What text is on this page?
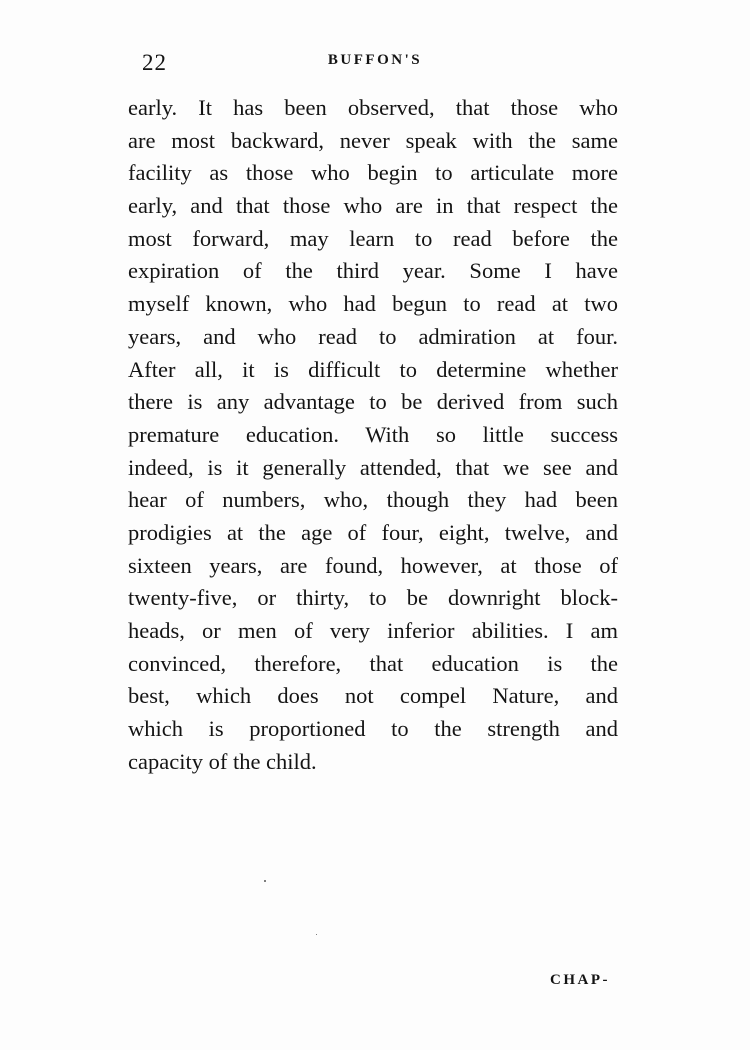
22	BUFFON'S
early. It has been observed, that those who
are most backward, never speak with the same
facility as those who begin to articulate more
early, and that those who are in that respect the
most forward, may learn to read before the
expiration of the third year. Some I have
myself known, who had begun to read at two
years, and who read to admiration at four.
After all, it is difficult to determine whether
there is any advantage to be derived from such
premature education. With so little success
indeed, is it generally attended, that we see and
hear of numbers, who, though they had been
prodigies at the age of four, eight, twelve, and
sixteen years, are found, however, at those of
twenty-five, or thirty, to be downright block-
heads, or men of very inferior abilities. I am
convinced, therefore, that education is the
best, which does not compel Nature, and
which is proportioned to the strength and
capacity of the child.
CHAP-
